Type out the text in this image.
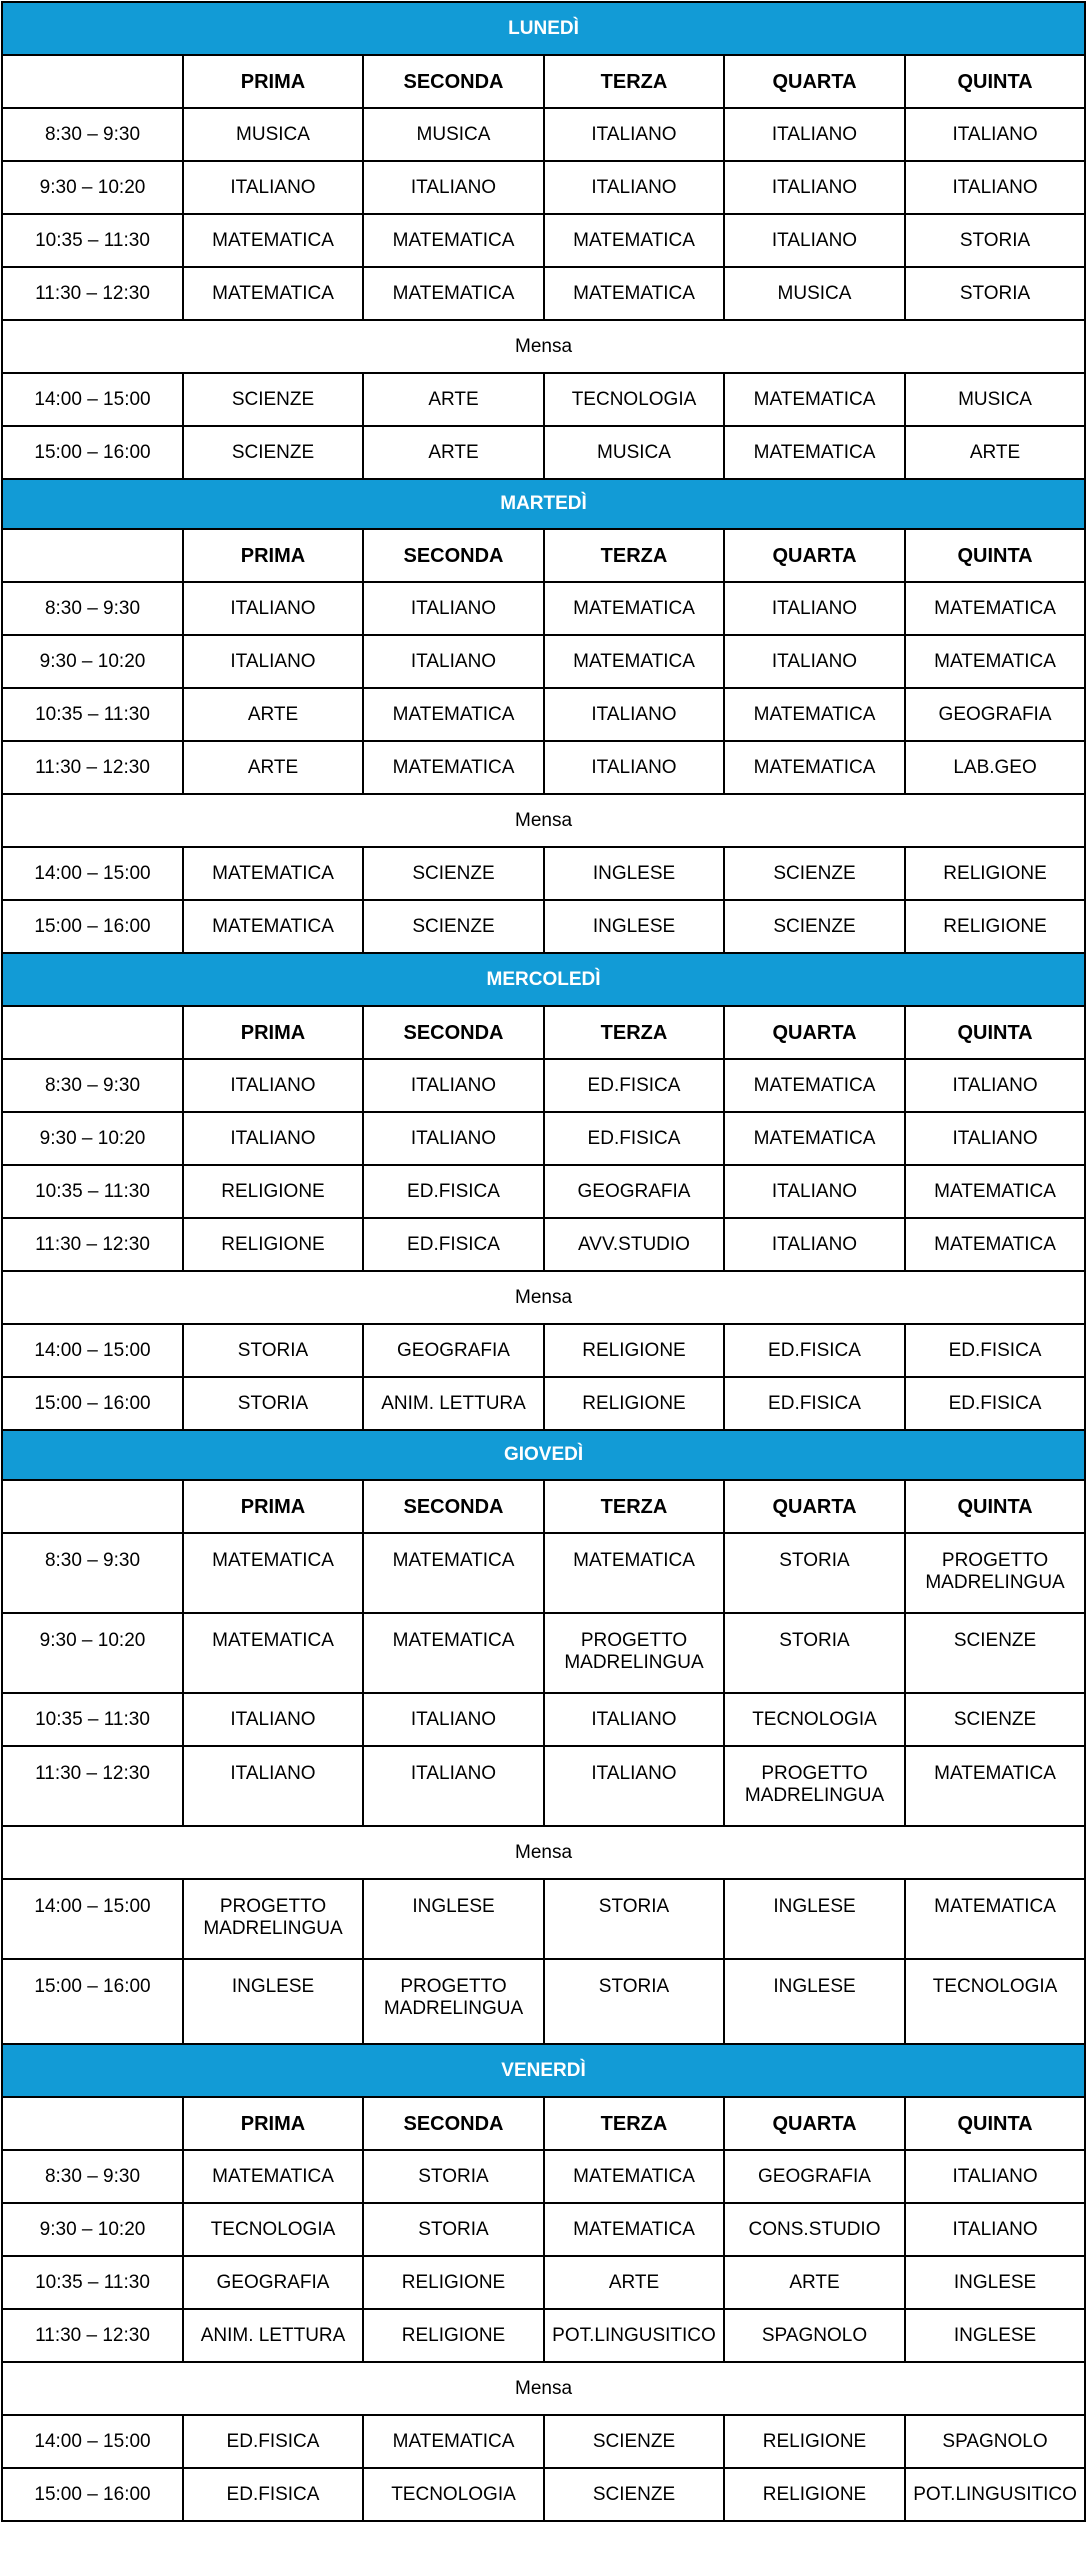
LUNEDÌ					
	PRIMA	SECONDA	TERZA	QUARTA	QUINTA
8:30 – 9:30	MUSICA	MUSICA	ITALIANO	ITALIANO	ITALIANO
9:30 – 10:20	ITALIANO	ITALIANO	ITALIANO	ITALIANO	ITALIANO
10:35 – 11:30	MATEMATICA	MATEMATICA	MATEMATICA	ITALIANO	STORIA
11:30 – 12:30	MATEMATICA	MATEMATICA	MATEMATICA	MUSICA	STORIA
Mensa					
14:00 – 15:00	SCIENZE	ARTE	TECNOLOGIA	MATEMATICA	MUSICA
15:00 – 16:00	SCIENZE	ARTE	MUSICA	MATEMATICA	ARTE
MARTEDÌ					
	PRIMA	SECONDA	TERZA	QUARTA	QUINTA
8:30 – 9:30	ITALIANO	ITALIANO	MATEMATICA	ITALIANO	MATEMATICA
9:30 – 10:20	ITALIANO	ITALIANO	MATEMATICA	ITALIANO	MATEMATICA
10:35 – 11:30	ARTE	MATEMATICA	ITALIANO	MATEMATICA	GEOGRAFIA
11:30 – 12:30	ARTE	MATEMATICA	ITALIANO	MATEMATICA	LAB.GEO
Mensa					
14:00 – 15:00	MATEMATICA	SCIENZE	INGLESE	SCIENZE	RELIGIONE
15:00 – 16:00	MATEMATICA	SCIENZE	INGLESE	SCIENZE	RELIGIONE
MERCOLEDÌ					
	PRIMA	SECONDA	TERZA	QUARTA	QUINTA
8:30 – 9:30	ITALIANO	ITALIANO	ED.FISICA	MATEMATICA	ITALIANO
9:30 – 10:20	ITALIANO	ITALIANO	ED.FISICA	MATEMATICA	ITALIANO
10:35 – 11:30	RELIGIONE	ED.FISICA	GEOGRAFIA	ITALIANO	MATEMATICA
11:30 – 12:30	RELIGIONE	ED.FISICA	AVV.STUDIO	ITALIANO	MATEMATICA
Mensa					
14:00 – 15:00	STORIA	GEOGRAFIA	RELIGIONE	ED.FISICA	ED.FISICA
15:00 – 16:00	STORIA	ANIM. LETTURA	RELIGIONE	ED.FISICA	ED.FISICA
GIOVEDÌ					
	PRIMA	SECONDA	TERZA	QUARTA	QUINTA
8:30 – 9:30	MATEMATICA	MATEMATICA	MATEMATICA	STORIA	PROGETTO MADRELINGUA
9:30 – 10:20	MATEMATICA	MATEMATICA	PROGETTO MADRELINGUA	STORIA	SCIENZE
10:35 – 11:30	ITALIANO	ITALIANO	ITALIANO	TECNOLOGIA	SCIENZE
11:30 – 12:30	ITALIANO	ITALIANO	ITALIANO	PROGETTO MADRELINGUA	MATEMATICA
Mensa					
14:00 – 15:00	PROGETTO MADRELINGUA	INGLESE	STORIA	INGLESE	MATEMATICA
15:00 – 16:00	INGLESE	PROGETTO MADRELINGUA	STORIA	INGLESE	TECNOLOGIA
VENERDÌ					
	PRIMA	SECONDA	TERZA	QUARTA	QUINTA
8:30 – 9:30	MATEMATICA	STORIA	MATEMATICA	GEOGRAFIA	ITALIANO
9:30 – 10:20	TECNOLOGIA	STORIA	MATEMATICA	CONS.STUDIO	ITALIANO
10:35 – 11:30	GEOGRAFIA	RELIGIONE	ARTE	ARTE	INGLESE
11:30 – 12:30	ANIM. LETTURA	RELIGIONE	POT.LINGUSITICO	SPAGNOLO	INGLESE
Mensa					
14:00 – 15:00	ED.FISICA	MATEMATICA	SCIENZE	RELIGIONE	SPAGNOLO
15:00 – 16:00	ED.FISICA	TECNOLOGIA	SCIENZE	RELIGIONE	POT.LINGUSITICO
